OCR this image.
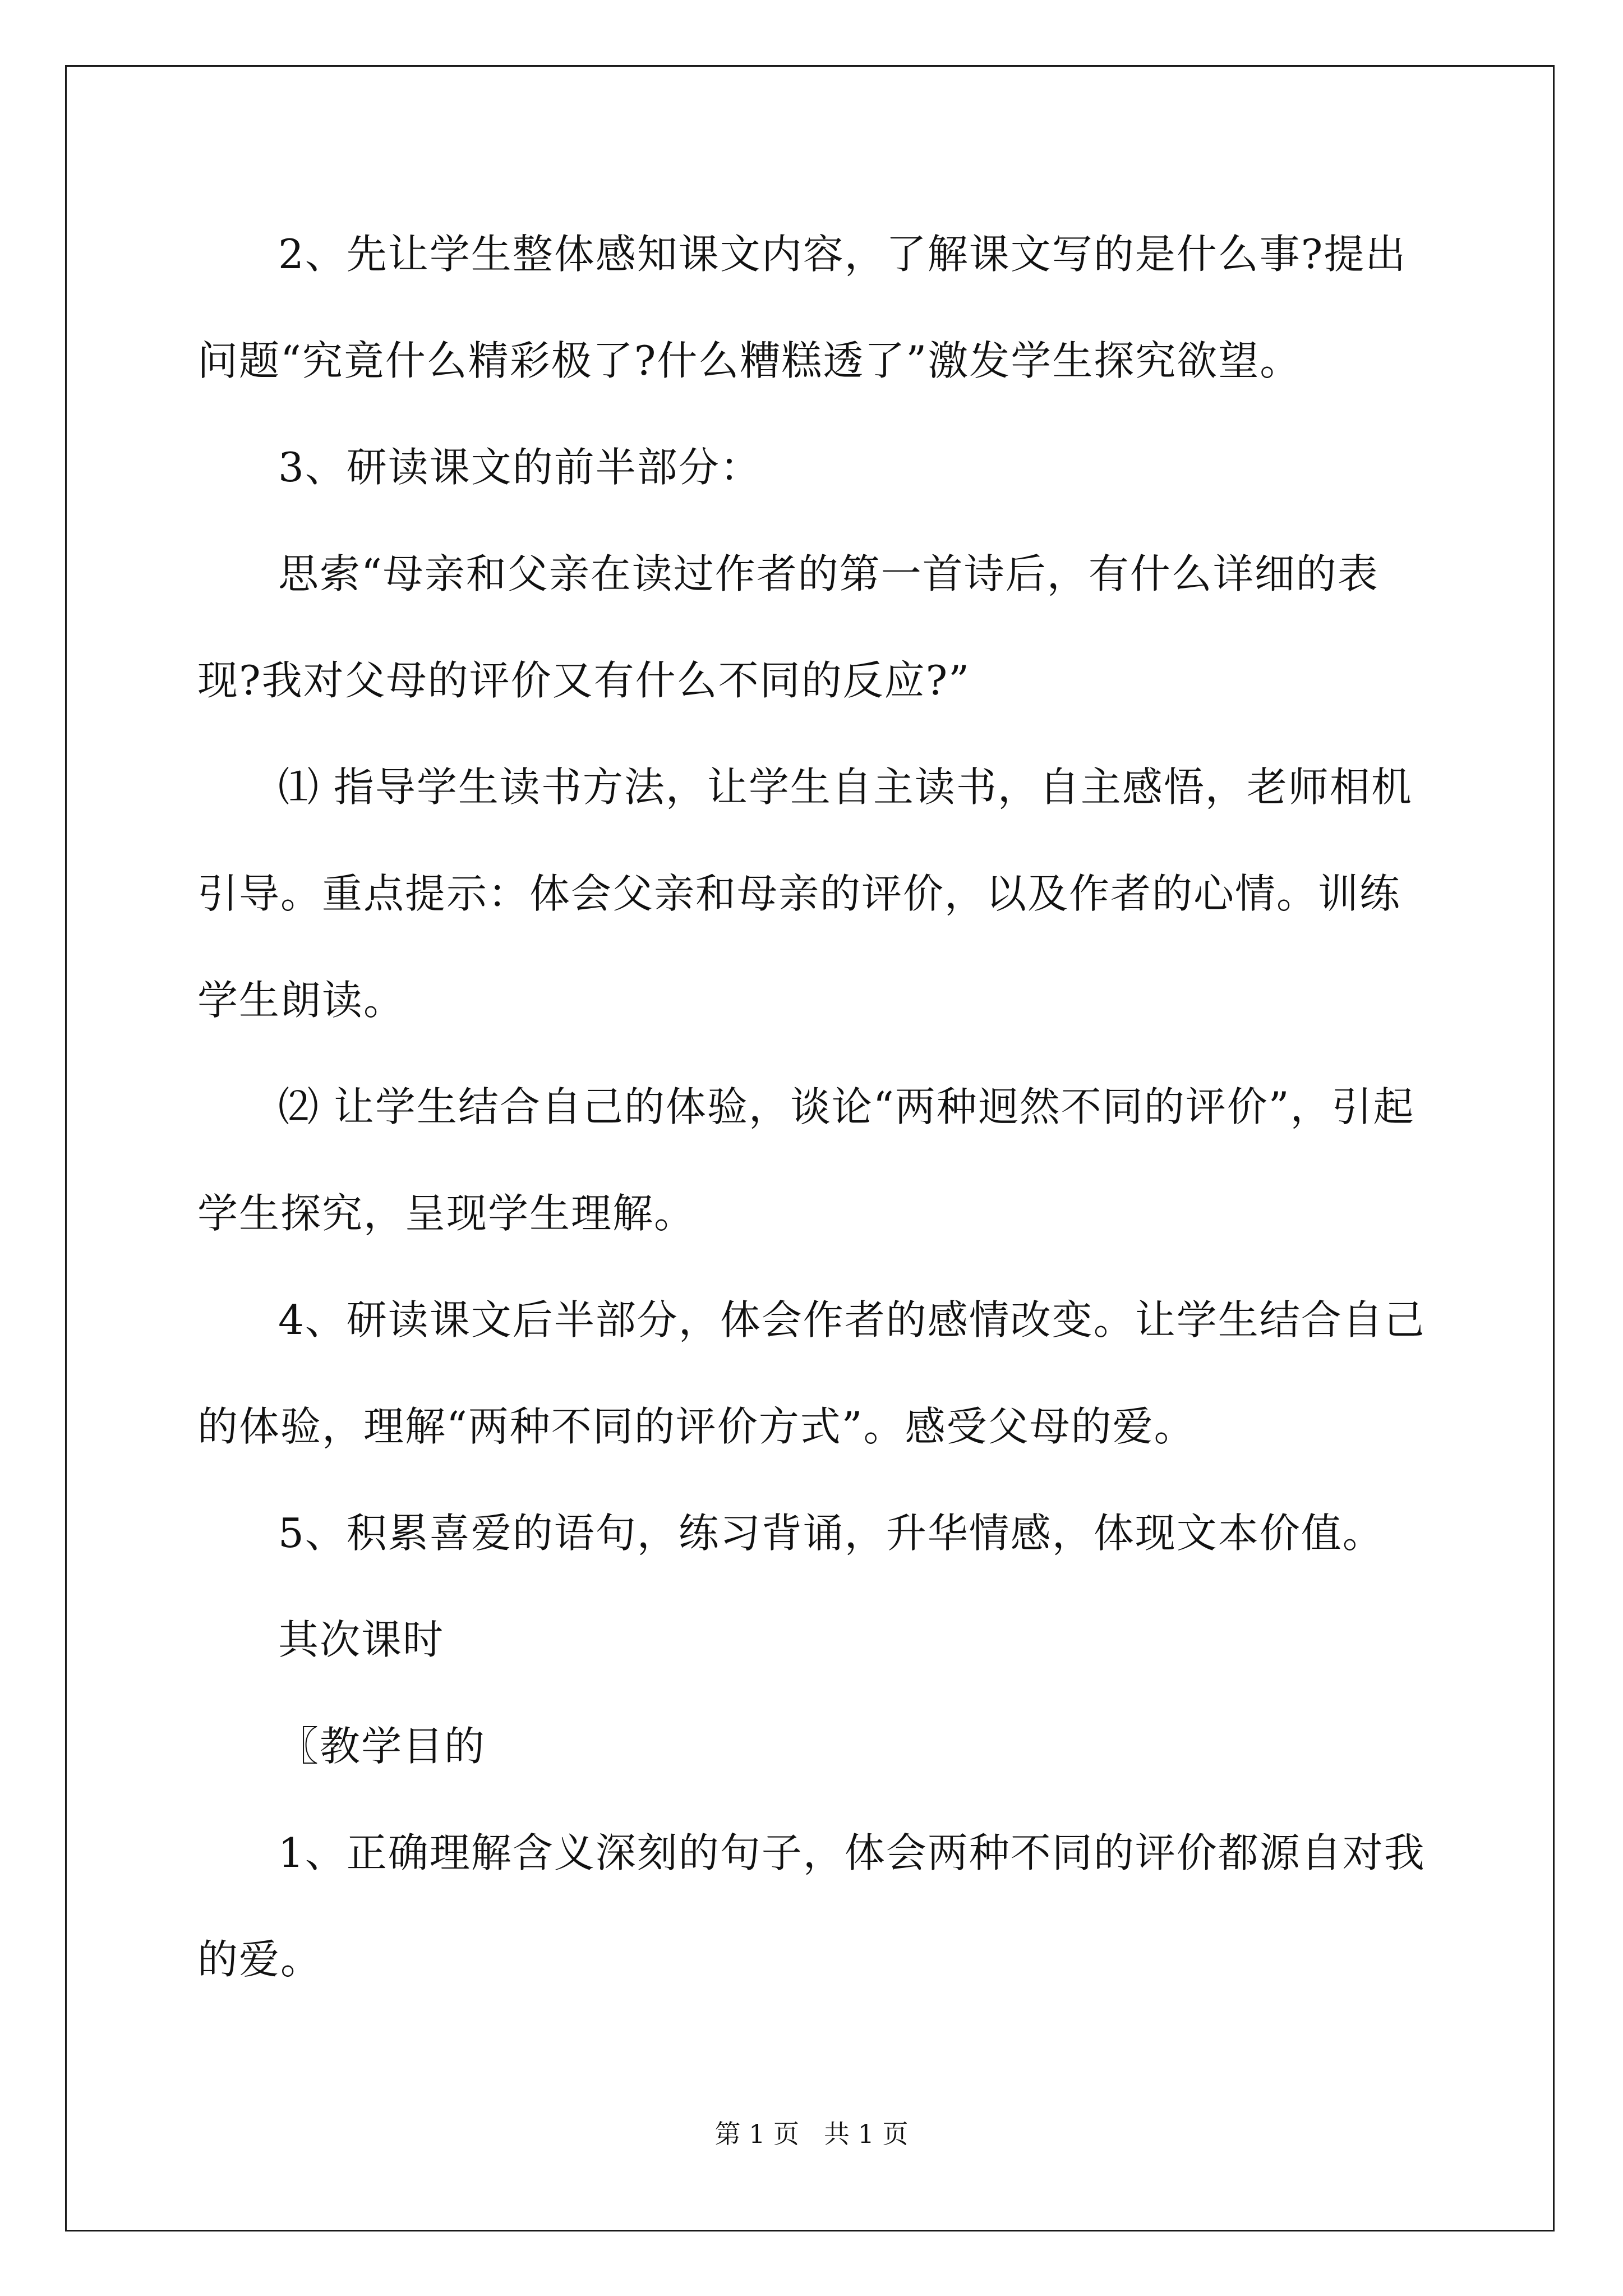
2、先让学生整体感知课文内容，了解课文写的是什么事?提出问题“究竟什么精彩极了?什么糟糕透了”激发学生探究欲望。

3、研读课文的前半部分：

思索“母亲和父亲在读过作者的第一首诗后，有什么详细的表现?我对父母的评价又有什么不同的反应?”

⑴ 指导学生读书方法，让学生自主读书，自主感悟，老师相机引导。重点提示：体会父亲和母亲的评价，以及作者的心情。训练学生朗读。

⑵ 让学生结合自己的体验，谈论“两种迥然不同的评价”，引起学生探究，呈现学生理解。

4、研读课文后半部分，体会作者的感情改变。让学生结合自己的体验，理解“两种不同的评价方式”。感受父母的爱。

5、积累喜爱的语句，练习背诵，升华情感，体现文本价值。

其次课时

〖教学目的

1、正确理解含义深刻的句子，体会两种不同的评价都源自对我的爱。

第 1 页 共 1 页
